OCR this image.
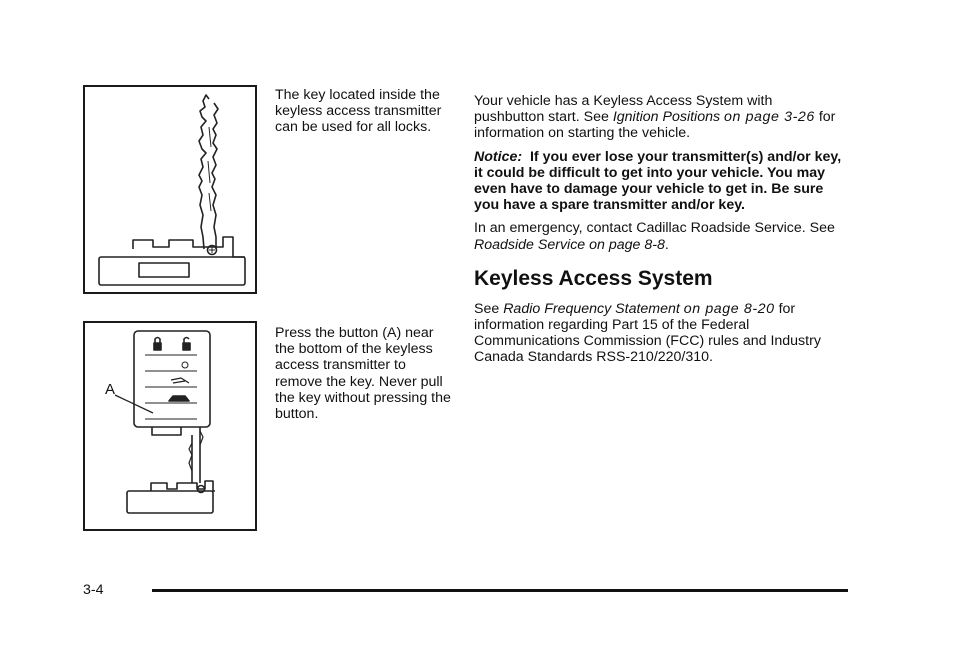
The key located inside the keyless access transmitter can be used for all locks.
A
Press the button (A) near the bottom of the keyless access transmitter to remove the key. Never pull the key without pressing the button.

Your vehicle has a Keyless Access System with pushbutton start. See Ignition Positions on page 3-26 for information on starting the vehicle.

Notice: If you ever lose your transmitter(s) and/or key, it could be difficult to get into your vehicle. You may even have to damage your vehicle to get in. Be sure you have a spare transmitter and/or key.

In an emergency, contact Cadillac Roadside Service. See Roadside Service on page 8-8.

Keyless Access System

See Radio Frequency Statement on page 8-20 for information regarding Part 15 of the Federal Communications Commission (FCC) rules and Industry Canada Standards RSS-210/220/310.

3-4
